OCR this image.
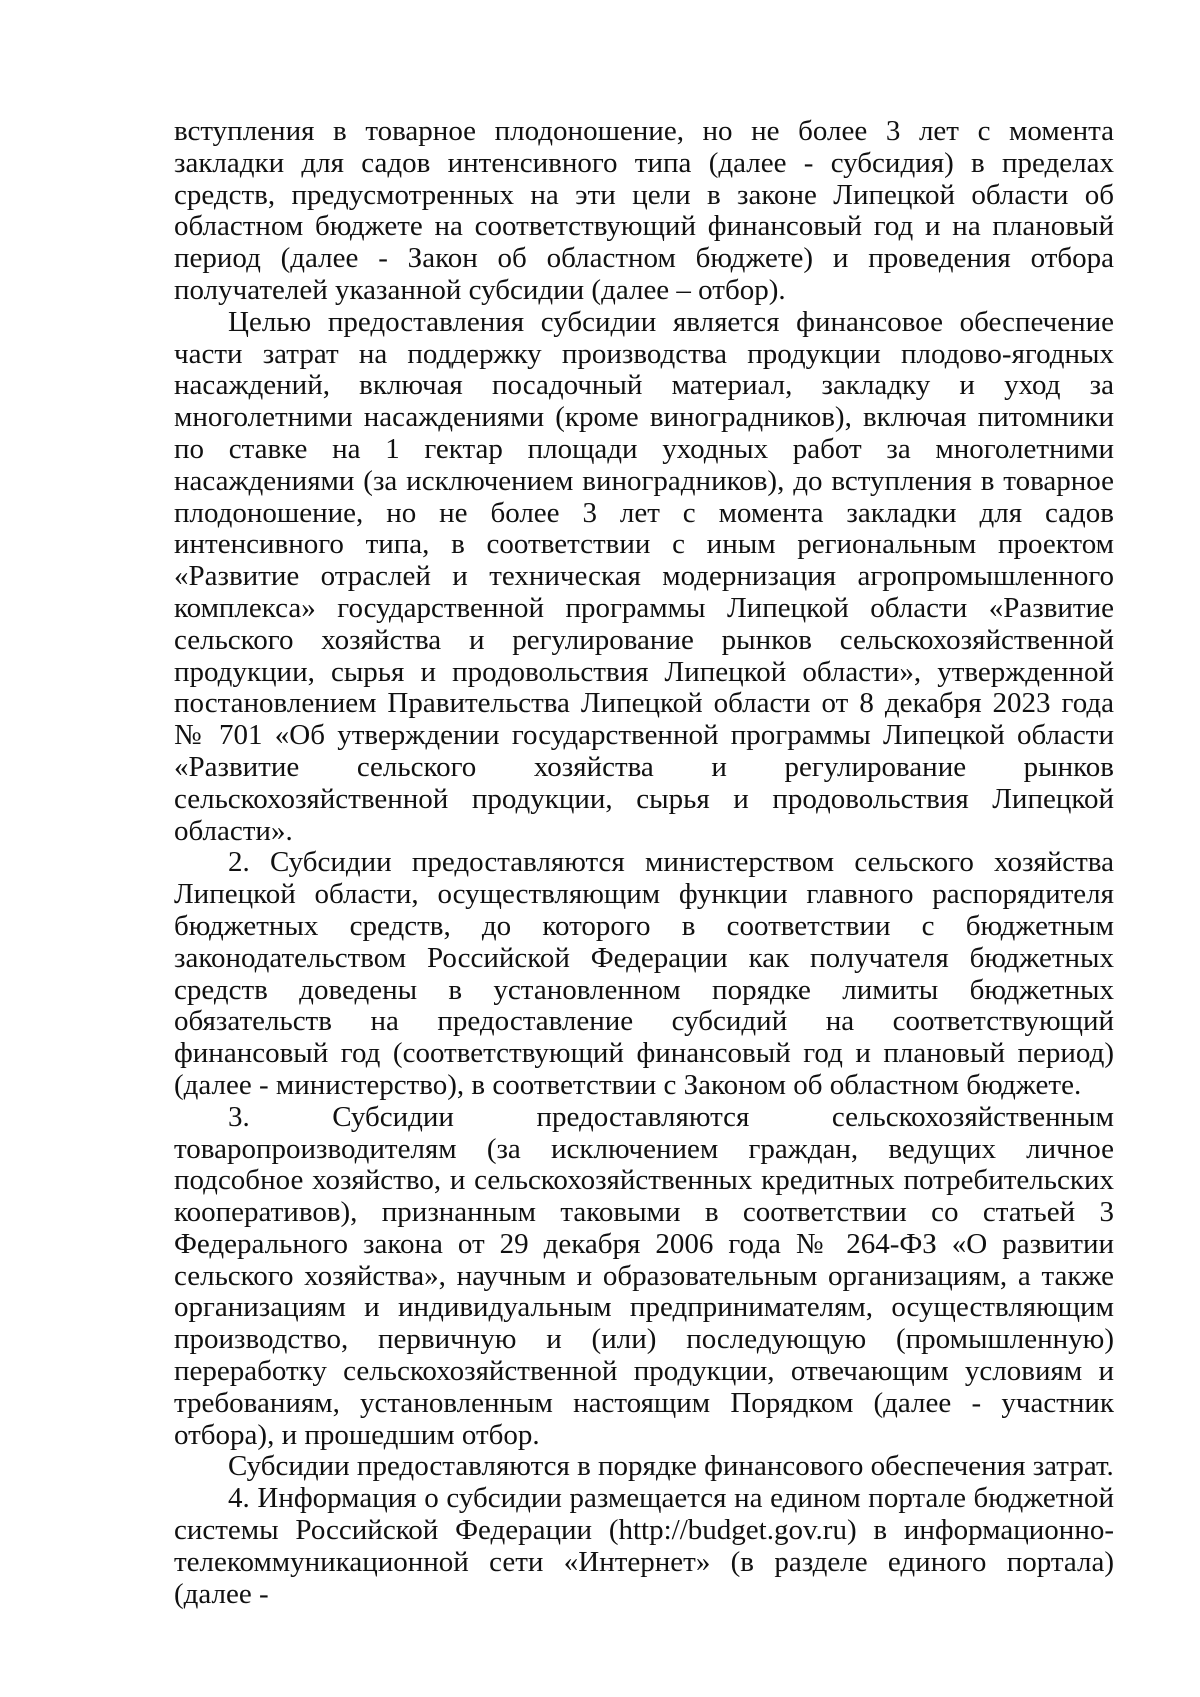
вступления в товарное плодоношение, но не более 3 лет с момента закладки для садов интенсивного типа (далее - субсидия) в пределах средств, предусмотренных на эти цели в законе Липецкой области об областном бюджете на соответствующий финансовый год и на плановый период (далее - Закон об областном бюджете) и проведения отбора получателей указанной субсидии (далее – отбор).

Целью предоставления субсидии является финансовое обеспечение части затрат на поддержку производства продукции плодово-ягодных насаждений, включая посадочный материал, закладку и уход за многолетними насаждениями (кроме виноградников), включая питомники по ставке на 1 гектар площади уходных работ за многолетними насаждениями (за исключением виноградников), до вступления в товарное плодоношение, но не более 3 лет с момента закладки для садов интенсивного типа, в соответствии с иным региональным проектом «Развитие отраслей и техническая модернизация агропромышленного комплекса» государственной программы Липецкой области «Развитие сельского хозяйства и регулирование рынков сельскохозяйственной продукции, сырья и продовольствия Липецкой области», утвержденной постановлением Правительства Липецкой области от 8 декабря 2023 года № 701 «Об утверждении государственной программы Липецкой области «Развитие сельского хозяйства и регулирование рынков сельскохозяйственной продукции, сырья и продовольствия Липецкой области».

2. Субсидии предоставляются министерством сельского хозяйства Липецкой области, осуществляющим функции главного распорядителя бюджетных средств, до которого в соответствии с бюджетным законодательством Российской Федерации как получателя бюджетных средств доведены в установленном порядке лимиты бюджетных обязательств на предоставление субсидий на соответствующий финансовый год (соответствующий финансовый год и плановый период) (далее - министерство), в соответствии с Законом об областном бюджете.

3. Субсидии предоставляются сельскохозяйственным товаропроизводителям (за исключением граждан, ведущих личное подсобное хозяйство, и сельскохозяйственных кредитных потребительских кооперативов), признанным таковыми в соответствии со статьей 3 Федерального закона от 29 декабря 2006 года № 264-ФЗ «О развитии сельского хозяйства», научным и образовательным организациям, а также организациям и индивидуальным предпринимателям, осуществляющим производство, первичную и (или) последующую (промышленную) переработку сельскохозяйственной продукции, отвечающим условиям и требованиям, установленным настоящим Порядком (далее - участник отбора), и прошедшим отбор.

Субсидии предоставляются в порядке финансового обеспечения затрат.

4. Информация о субсидии размещается на едином портале бюджетной системы Российской Федерации (http://budget.gov.ru) в информационно-телекоммуникационной сети «Интернет» (в разделе единого портала) (далее -
